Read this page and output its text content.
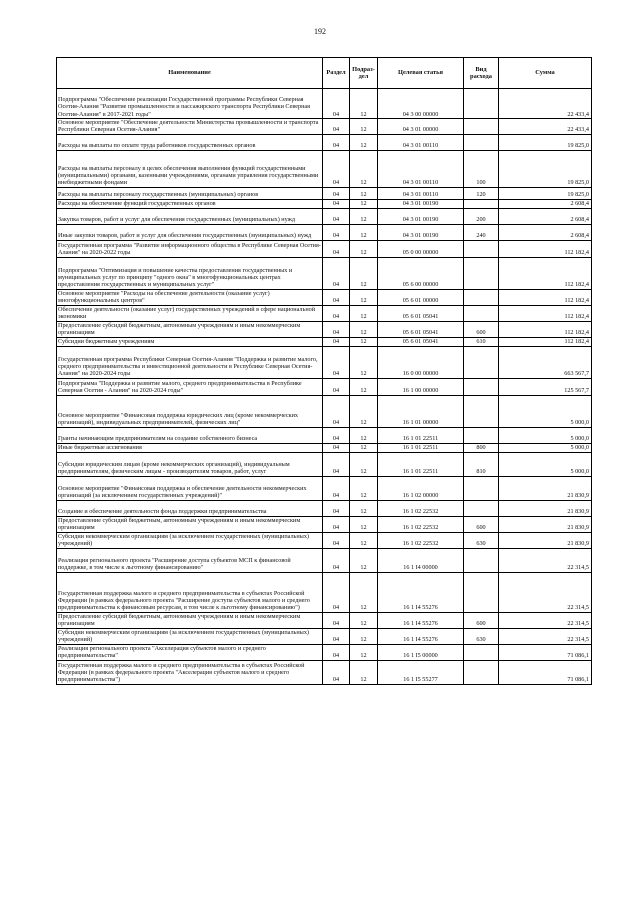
192
Наименование	Раздел	Подраз-дел	Целевая статья	Вид расхода	Сумма
Подпрограмма "Обеспечение реализации Государственной программы Республики Северная Осетия-Алания "Развитие промышленности и пассажирского транспорта Республики Северная Осетия-Алания" в 2017-2021 годы"	04	12	04 3 00 00000		22 433,4
Основное мероприятие "Обеспечение деятельности Министерства промышленности и транспорта Республики Северная Осетия-Алания"	04	12	04 3 01 00000		22 433,4
Расходы на выплаты по оплате труда работников государственных органов	04	12	04 3 01 00110		19 825,0
Расходы на выплаты персоналу в целях обеспечения выполнения функций государственными (муниципальными) органами, казенными учреждениями, органами управления государственными внебюджетными фондами	04	12	04 3 01 00110	100	19 825,0
Расходы на выплаты персоналу государственных (муниципальных) органов	04	12	04 3 01 00110	120	19 825,0
Расходы на обеспечение функций государственных органов	04	12	04 3 01 00190		2 608,4
Закупка товаров, работ и услуг для обеспечения государственных (муниципальных) нужд	04	12	04 3 01 00190	200	2 608,4
Иные закупки товаров, работ и услуг для обеспечения государственных (муниципальных) нужд	04	12	04 3 01 00190	240	2 608,4
Государственная программа "Развитие информационного общества в Республике Северная Осетия-Алания" на 2020-2022 годы	04	12	05 0 00 00000		112 182,4
Подпрограмма "Оптимизация и повышение качества предоставления государственных и муниципальных услуг по принципу "одного окна" в многофункциональных центрах предоставления государственных и муниципальных услуг"	04	12	05 6 00 00000		112 182,4
Основное мероприятие "Расходы на обеспечение деятельности (оказание услуг) многофункциональных центров"	04	12	05 6 01 00000		112 182,4
Обеспечение деятельности (оказание услуг) государственных учреждений в сфере национальной экономики	04	12	05 6 01 05041		112 182,4
Предоставление субсидий бюджетным, автономным учреждениям и иным некоммерческим организациям	04	12	05 6 01 05041	600	112 182,4
Субсидии бюджетным учреждениям	04	12	05 6 01 05041	610	112 182,4
Государственная программа Республики Северная Осетия-Алания "Поддержка и развитие малого, среднего предпринимательства и инвестиционной деятельности в Республике Северная Осетия-Алания" на 2020-2024 годы	04	12	16 0 00 00000		663 567,7
Подпрограмма "Поддержка и развитие малого, среднего предпринимательства в Республике Северная Осетия - Алания" на 2020-2024 годы"	04	12	16 1 00 00000		125 567,7
Основное мероприятие "Финансовая поддержка юридических лиц (кроме некоммерческих организаций), индивидуальных предпринимателей, физических лиц"	04	12	16 1 01 00000		5 000,0
Гранты начинающим предпринимателям на создание собственного бизнеса	04	12	16 1 01 22511		5 000,0
Иные бюджетные ассигнования	04	12	16 1 01 22511	800	5 000,0
Субсидии юридическим лицам (кроме некоммерческих организаций), индивидуальным предпринимателям, физическим лицам - производителям товаров, работ, услуг	04	12	16 1 01 22511	810	5 000,0
Основное мероприятие "Финансовая поддержка и обеспечение деятельности некоммерческих организаций (за исключением государственных учреждений)"	04	12	16 1 02 00000		21 830,9
Создание и обеспечение деятельности фонда поддержки предпринимательства	04	12	16 1 02 22532		21 830,9
Предоставление субсидий бюджетным, автономным учреждениям и иным некоммерческим организациям	04	12	16 1 02 22532	600	21 830,9
Субсидии некоммерческим организациям (за исключением государственных (муниципальных) учреждений)	04	12	16 1 02 22532	630	21 830,9
Реализация регионального проекта "Расширение доступа субъектов МСП к финансовой поддержке, в том числе к льготному финансированию"	04	12	16 1 I4 00000		22 314,5
Государственная поддержка малого и среднего предпринимательства в субъектах Российской Федерации (в рамках федерального проекта "Расширение доступа субъектов малого и среднего предпринимательства к финансовым ресурсам, в том числе к льготному финансированию")	04	12	16 1 I4 55276		22 314,5
Предоставление субсидий бюджетным, автономным учреждениям и иным некоммерческим организациям	04	12	16 1 I4 55276	600	22 314,5
Субсидии некоммерческим организациям (за исключением государственных (муниципальных) учреждений)	04	12	16 1 I4 55276	630	22 314,5
Реализация регионального проекта "Акселерация субъектов малого и среднего предпринимательства"	04	12	16 1 I5 00000		71 086,1
Государственная поддержка малого и среднего предпринимательства в субъектах Российской Федерации (в рамках федерального проекта "Акселерация субъектов малого и среднего предпринимательства")	04	12	16 1 I5 55277		71 086,1
